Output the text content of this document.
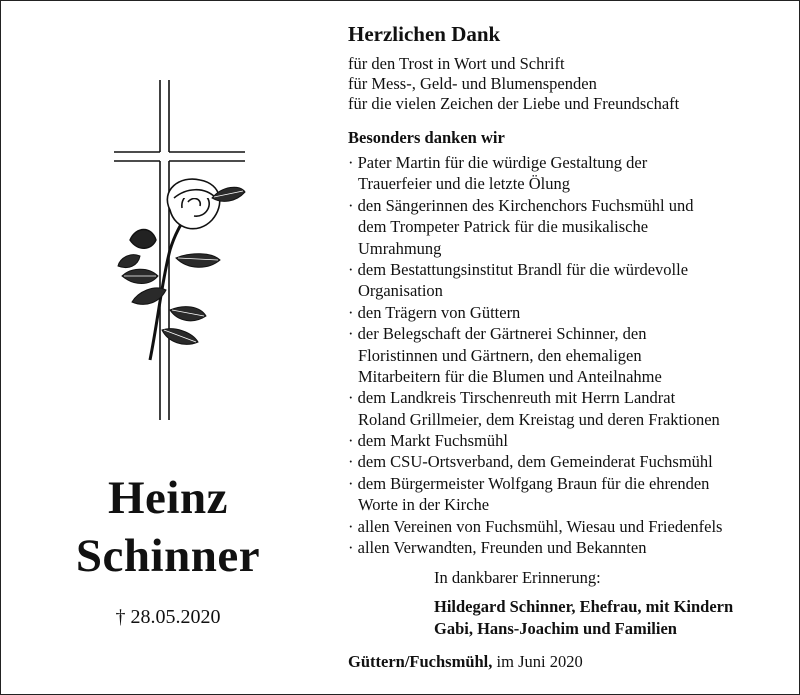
Heinz
Schinner
† 28.05.2020
Herzlichen Dank
für den Trost in Wort und Schrift
für Mess-, Geld- und Blumenspenden
für die vielen Zeichen der Liebe und Freundschaft
Besonders danken wir
· Pater Martin für die würdige Gestaltung der
Trauerfeier und die letzte Ölung
· den Sängerinnen des Kirchenchors Fuchsmühl und
dem Trompeter Patrick für die musikalische
Umrahmung
· dem Bestattungsinstitut Brandl für die würdevolle
Organisation
· den Trägern von Güttern
· der Belegschaft der Gärtnerei Schinner, den
Floristinnen und Gärtnern, den ehemaligen
Mitarbeitern für die Blumen und Anteilnahme
· dem Landkreis Tirschenreuth mit Herrn Landrat
Roland Grillmeier, dem Kreistag und deren Fraktionen
· dem Markt Fuchsmühl
· dem CSU-Ortsverband, dem Gemeinderat Fuchsmühl
· dem Bürgermeister Wolfgang Braun für die ehrenden
Worte in der Kirche
· allen Vereinen von Fuchsmühl, Wiesau und Friedenfels
· allen Verwandten, Freunden und Bekannten
In dankbarer Erinnerung:
Hildegard Schinner, Ehefrau, mit Kindern
Gabi, Hans-Joachim und Familien
Güttern/Fuchsmühl, im Juni 2020
